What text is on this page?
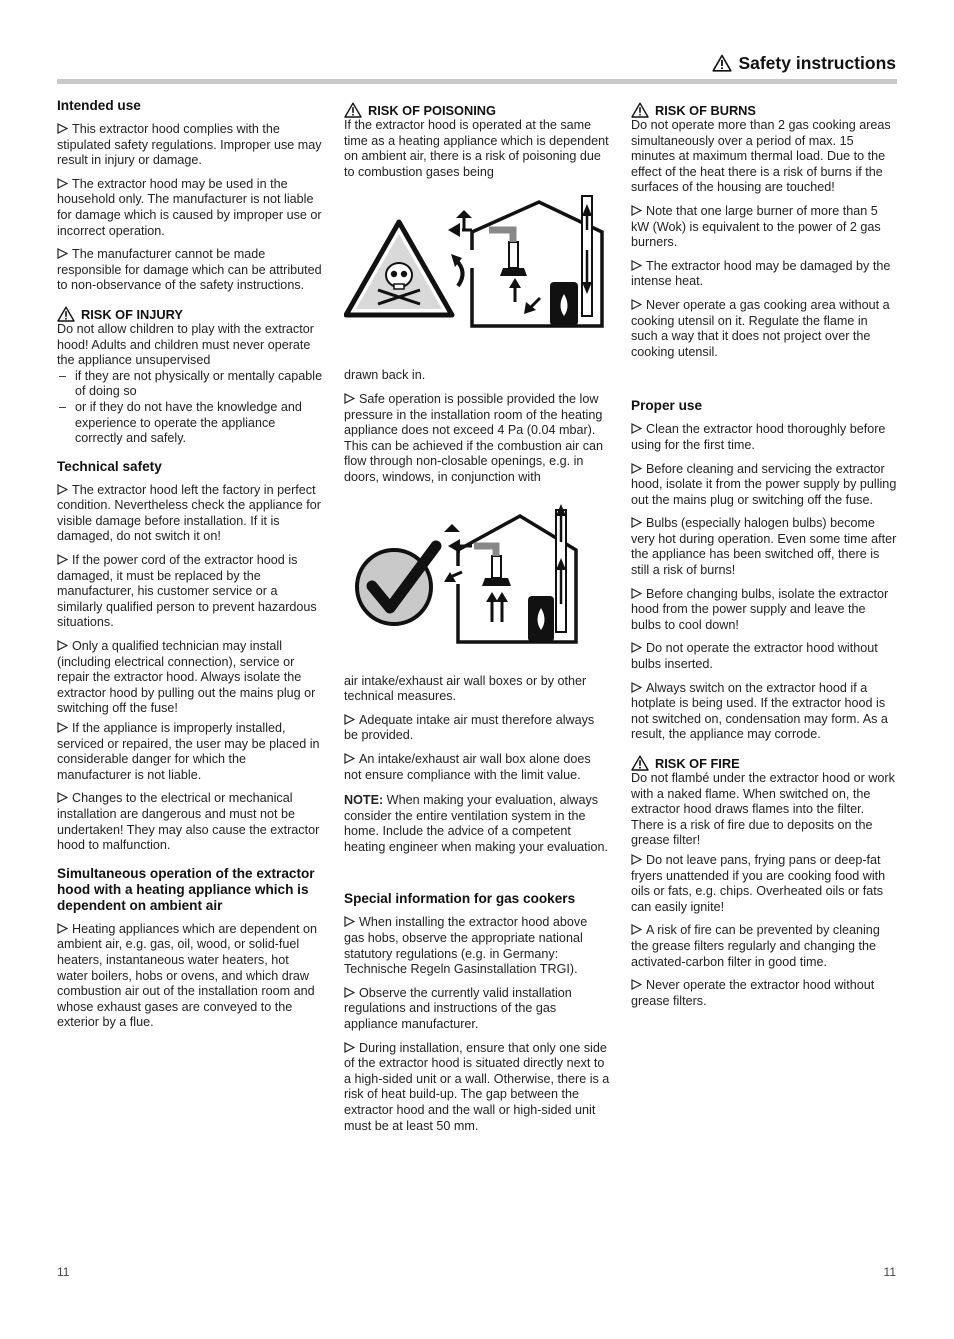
Safety instructions
Intended use
This extractor hood complies with the stipulated safety regulations. Improper use may result in injury or damage.
The extractor hood may be used in the household only. The manufacturer is not liable for damage which is caused by improper use or incorrect operation.
The manufacturer cannot be made responsible for damage which can be attributed to non-observance of the safety instructions.
RISK OF INJURY
Do not allow children to play with the extractor hood! Adults and children must never operate the appliance unsupervised
– if they are not physically or mentally capable of doing so
– or if they do not have the knowledge and experience to operate the appliance correctly and safely.
Technical safety
The extractor hood left the factory in perfect condition. Nevertheless check the appliance for visible damage before installation. If it is damaged, do not switch it on!
If the power cord of the extractor hood is damaged, it must be replaced by the manufacturer, his customer service or a similarly qualified person to prevent hazardous situations.
Only a qualified technician may install (including electrical connection), service or repair the extractor hood. Always isolate the extractor hood by pulling out the mains plug or switching off the fuse!
If the appliance is improperly installed, serviced or repaired, the user may be placed in considerable danger for which the manufacturer is not liable.
Changes to the electrical or mechanical installation are dangerous and must not be undertaken! They may also cause the extractor hood to malfunction.
Simultaneous operation of the extractor hood with a heating appliance which is dependent on ambient air
Heating appliances which are dependent on ambient air, e.g. gas, oil, wood, or solid-fuel heaters, instantaneous water heaters, hot water boilers, hobs or ovens, and which draw combustion air out of the installation room and whose exhaust gases are conveyed to the exterior by a flue.
RISK OF POISONING
If the extractor hood is operated at the same time as a heating appliance which is dependent on ambient air, there is a risk of poisoning due to combustion gases being
drawn back in.
Safe operation is possible provided the low pressure in the installation room of the heating appliance does not exceed 4 Pa (0.04 mbar).
This can be achieved if the combustion air can flow through non-closable openings, e.g. in doors, windows, in conjunction with
air intake/exhaust air wall boxes or by other technical measures.
Adequate intake air must therefore always be provided.
An intake/exhaust air wall box alone does not ensure compliance with the limit value.
NOTE: When making your evaluation, always consider the entire ventilation system in the home. Include the advice of a competent heating engineer when making your evaluation.
Special information for gas cookers
When installing the extractor hood above gas hobs, observe the appropriate national statutory regulations (e.g. in Germany: Technische Regeln Gasinstallation TRGI).
Observe the currently valid installation regulations and instructions of the gas appliance manufacturer.
During installation, ensure that only one side of the extractor hood is situated directly next to a high-sided unit or a wall. Otherwise, there is a risk of heat build-up. The gap between the extractor hood and the wall or high-sided unit must be at least 50 mm.
RISK OF BURNS
Do not operate more than 2 gas cooking areas simultaneously over a period of max. 15 minutes at maximum thermal load. Due to the effect of the heat there is a risk of burns if the surfaces of the housing are touched!
Note that one large burner of more than 5 kW (Wok) is equivalent to the power of 2 gas burners.
The extractor hood may be damaged by the intense heat.
Never operate a gas cooking area without a cooking utensil on it. Regulate the flame in such a way that it does not project over the cooking utensil.
Proper use
Clean the extractor hood thoroughly before using for the first time.
Before cleaning and servicing the extractor hood, isolate it from the power supply by pulling out the mains plug or switching off the fuse.
Bulbs (especially halogen bulbs) become very hot during operation. Even some time after the appliance has been switched off, there is still a risk of burns!
Before changing bulbs, isolate the extractor hood from the power supply and leave the bulbs to cool down!
Do not operate the extractor hood without bulbs inserted.
Always switch on the extractor hood if a hotplate is being used. If the extractor hood is not switched on, condensation may form. As a result, the appliance may corrode.
RISK OF FIRE
Do not flambé under the extractor hood or work with a naked flame. When switched on, the extractor hood draws flames into the filter. There is a risk of fire due to deposits on the grease filter!
Do not leave pans, frying pans or deep-fat fryers unattended if you are cooking food with oils or fats, e.g. chips. Overheated oils or fats can easily ignite!
A risk of fire can be prevented by cleaning the grease filters regularly and changing the activated-carbon filter in good time.
Never operate the extractor hood without grease filters.
11	11
